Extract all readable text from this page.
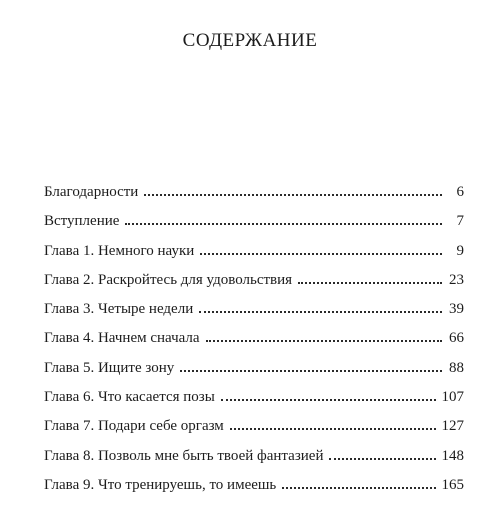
СОДЕРЖАНИЕ
Благодарности	6
Вступление	7
Глава 1. Немного науки	9
Глава 2. Раскройтесь для удовольствия	23
Глава 3. Четыре недели	39
Глава 4. Начнем сначала	66
Глава 5. Ищите зону	88
Глава 6. Что касается позы	107
Глава 7. Подари себе оргазм	127
Глава 8. Позволь мне быть твоей фантазией	148
Глава 9. Что тренируешь, то имеешь	165
